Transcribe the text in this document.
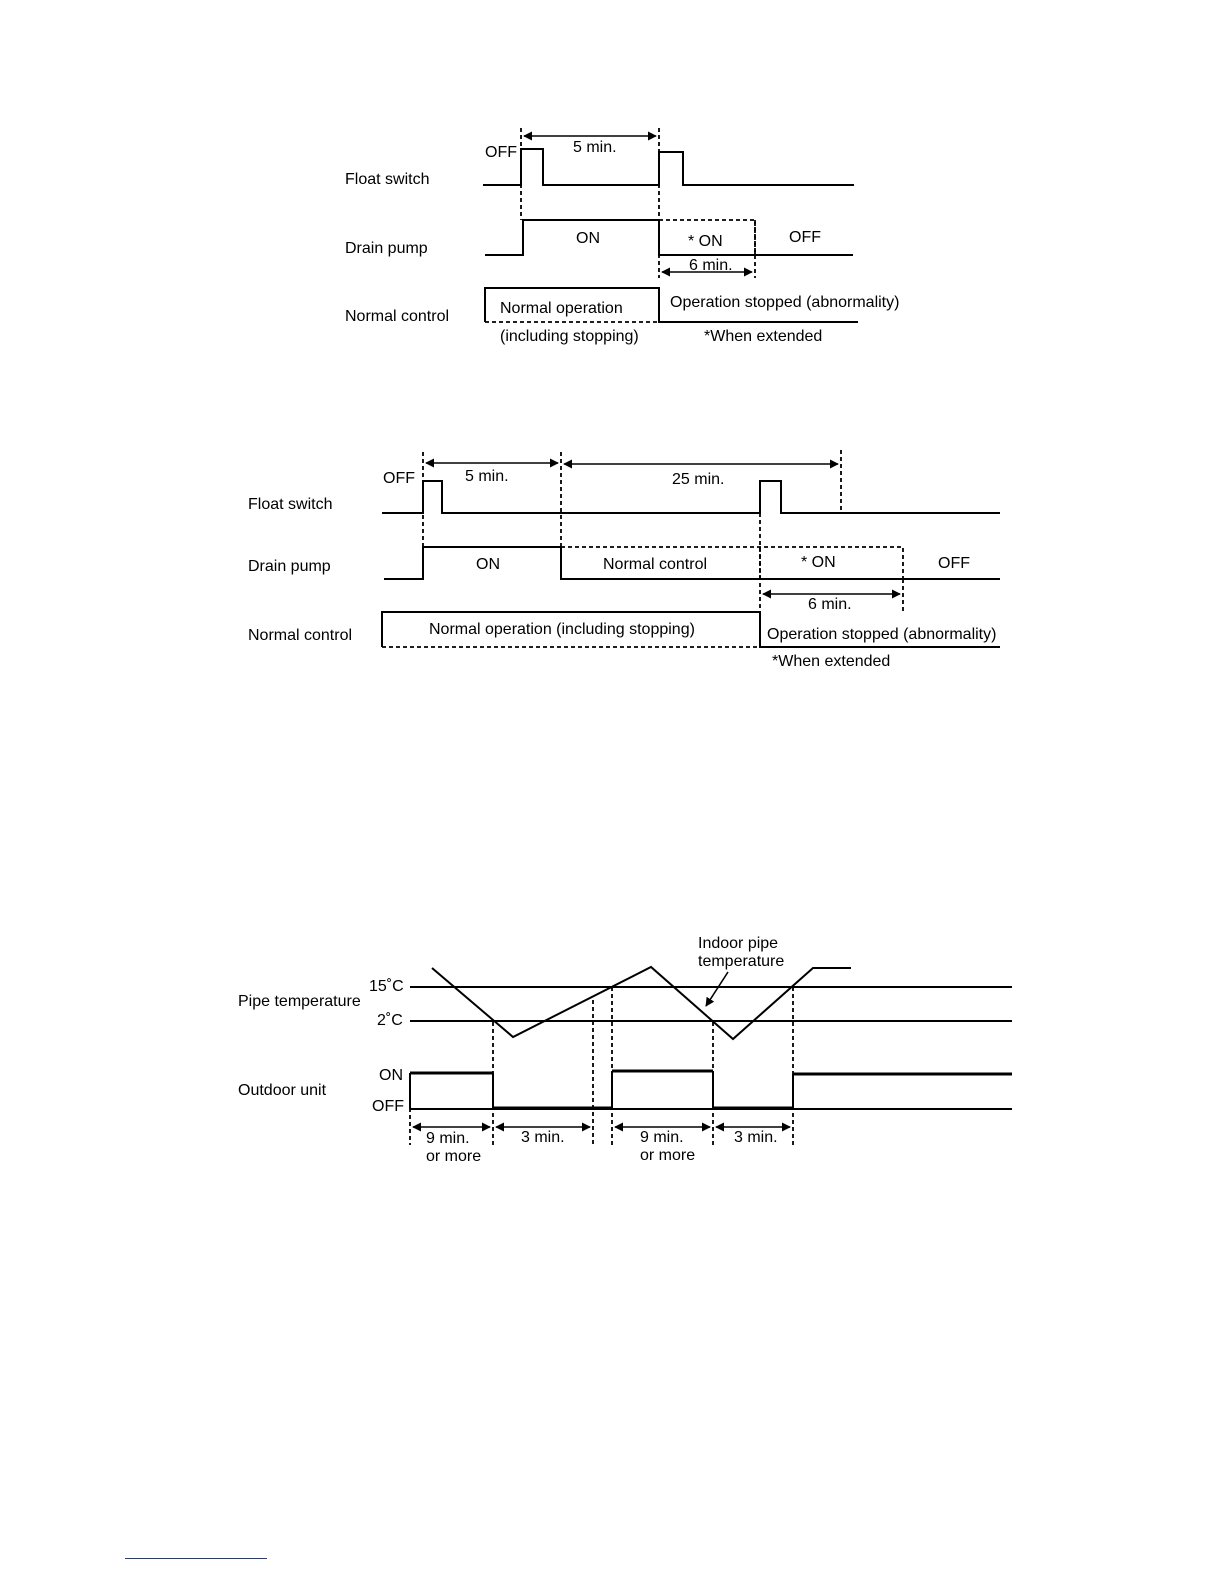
Float switch
Drain pump
Normal control
OFF	5 min.
ON	* ON	OFF
6 min.
Normal operation
(including stopping)
Operation stopped (abnormality)
*When extended
Float switch
Drain pump
Normal control
OFF	5 min.	25 min.
ON	Normal control	* ON	OFF
6 min.
Normal operation (including stopping)	Operation stopped (abnormality)
*When extended
Pipe temperature
Outdoor unit
15˚C
2˚C
ON
OFF
Indoor pipe
temperature
9 min.
or more
3 min.	9 min.
or more
3 min.
